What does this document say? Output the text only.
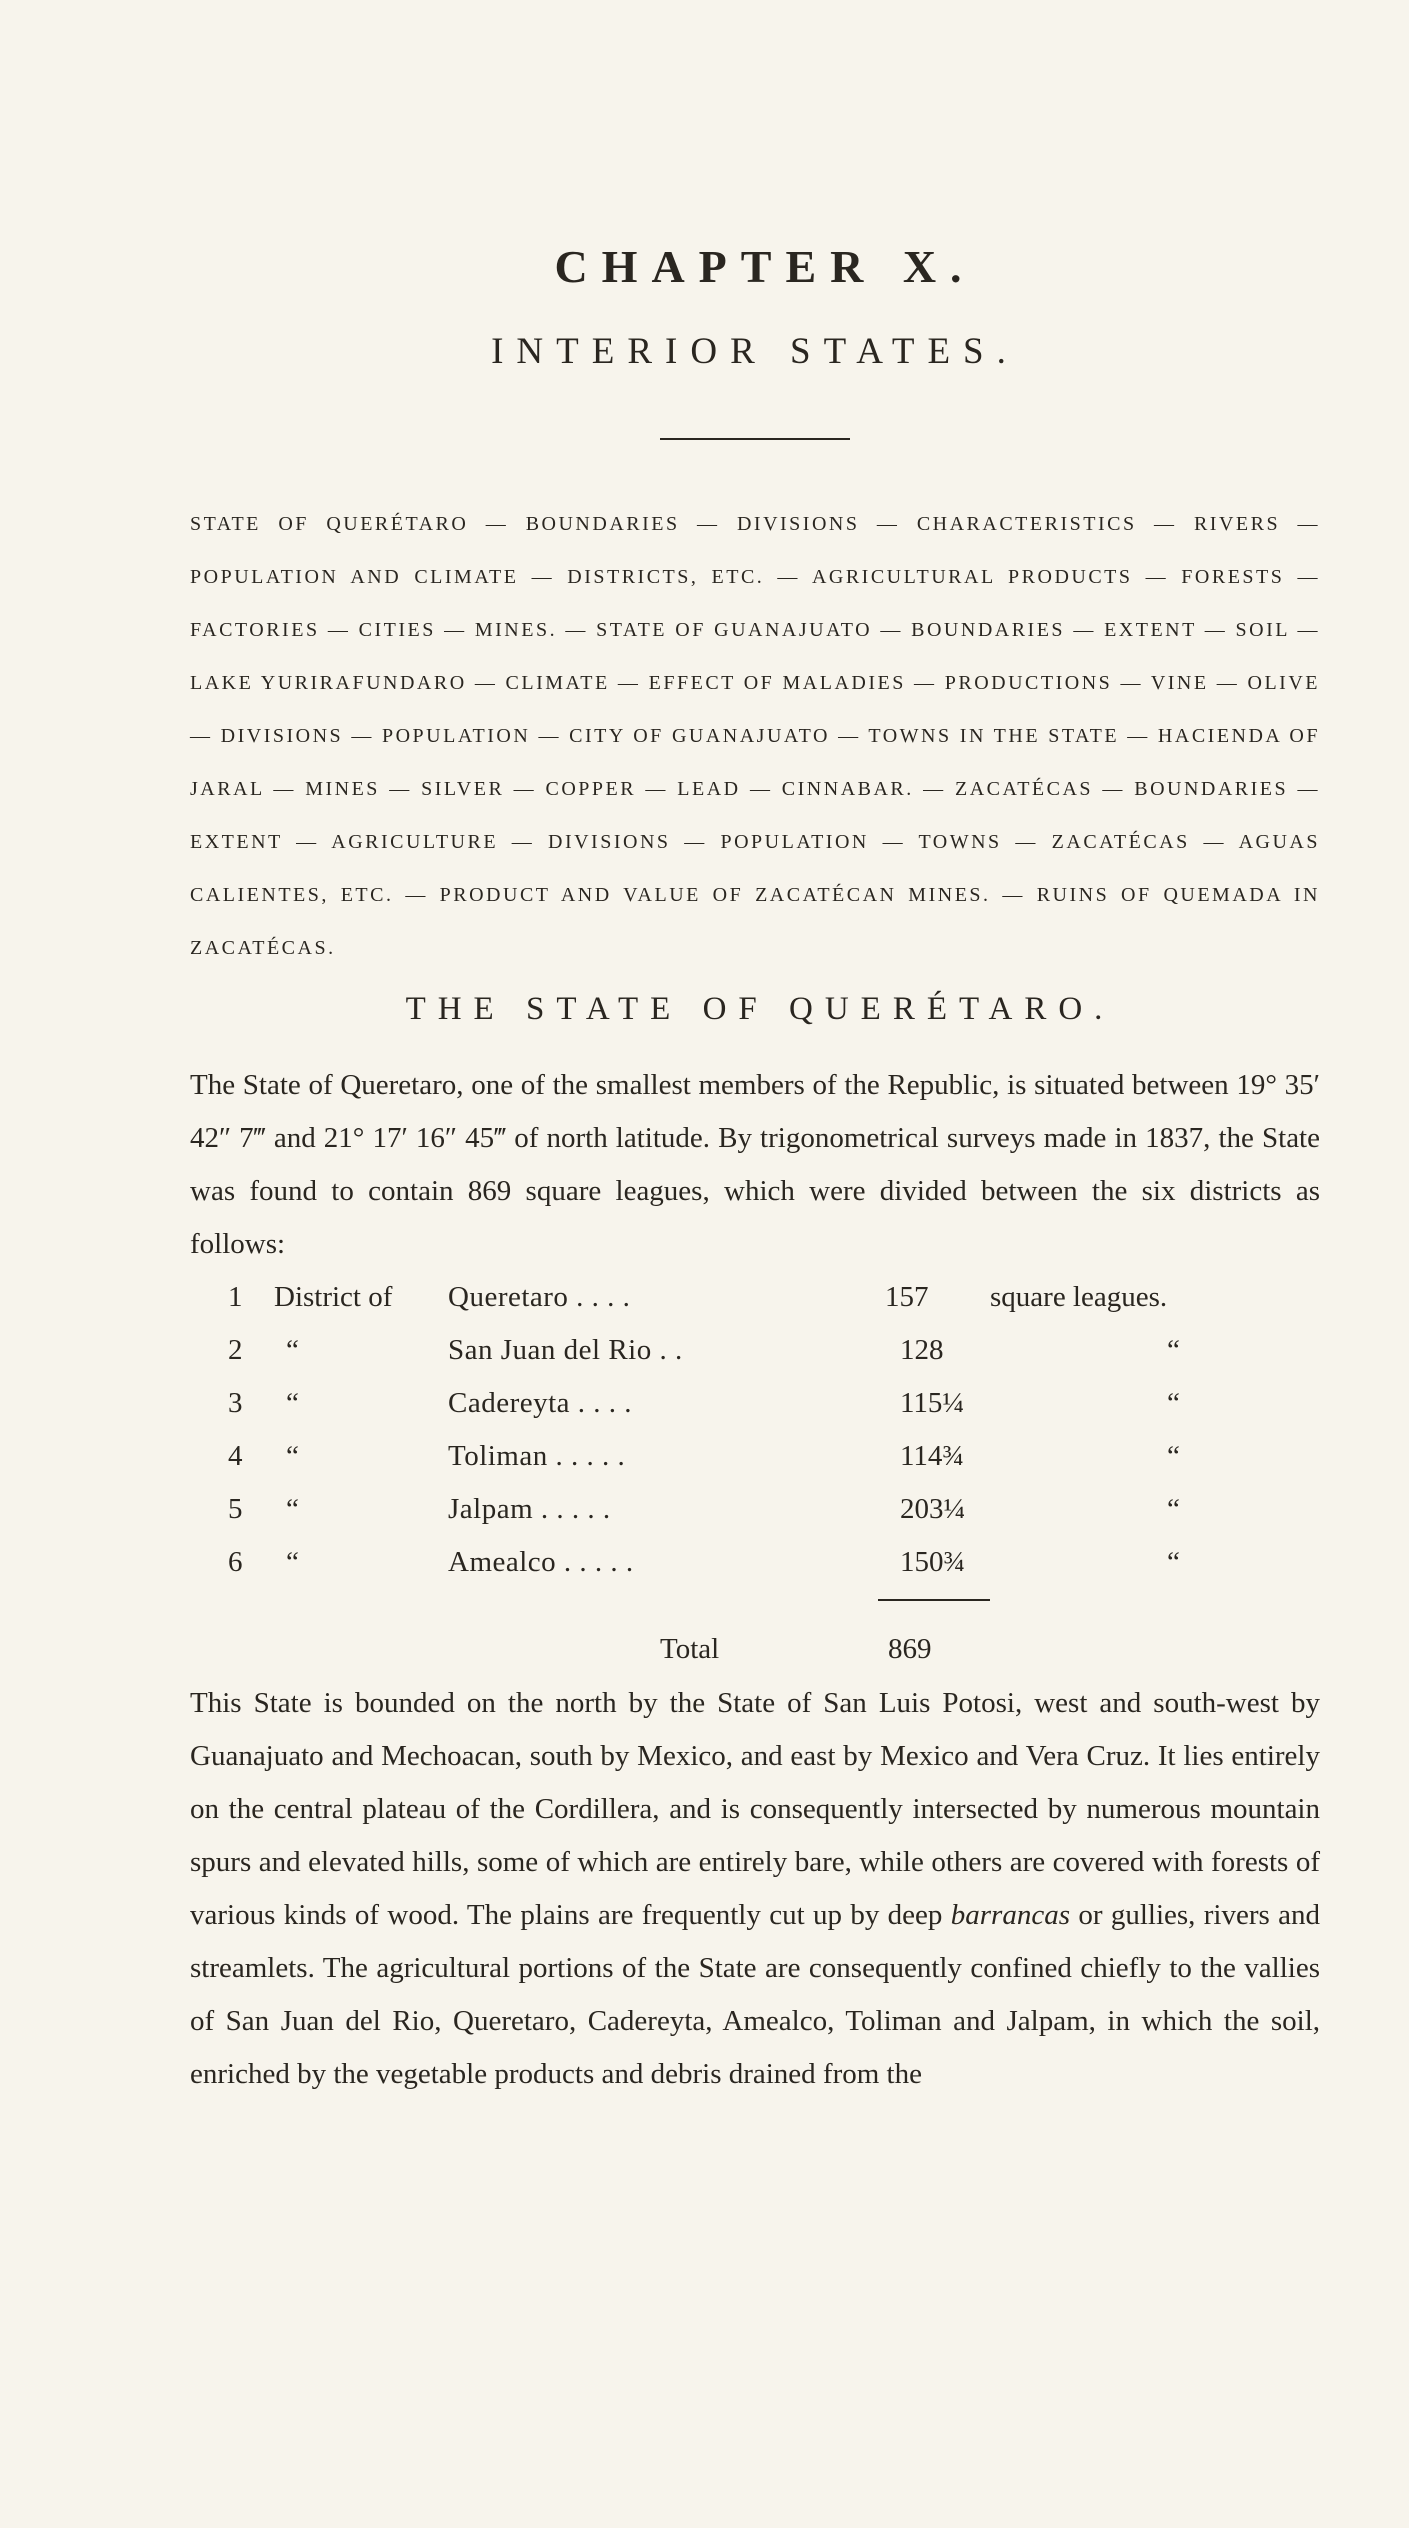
CHAPTER X.
INTERIOR STATES.
STATE OF QUERÉTARO — BOUNDARIES — DIVISIONS — CHARACTERISTICS — RIVERS — POPULATION AND CLIMATE — DISTRICTS, ETC. — AGRICULTURAL PRODUCTS — FORESTS — FACTORIES — CITIES — MINES. — STATE OF GUANAJUATO — BOUNDARIES — EXTENT — SOIL — LAKE YURIRAFUNDARO — CLIMATE — EFFECT OF MALADIES — PRODUCTIONS — VINE — OLIVE — DIVISIONS — POPULATION — CITY OF GUANAJUATO — TOWNS IN THE STATE — HACIENDA OF JARAL — MINES — SILVER — COPPER — LEAD — CINNABAR. — ZACATÉCAS — BOUNDARIES — EXTENT — AGRICULTURE — DIVISIONS — POPULATION — TOWNS — ZACATÉCAS — AGUAS CALIENTES, ETC. — PRODUCT AND VALUE OF ZACATÉCAN MINES. — RUINS OF QUEMADA IN ZACATÉCAS.
THE STATE OF QUERÉTARO.

The State of Queretaro, one of the smallest members of the Republic, is situated between 19° 35′ 42″ 7‴ and 21° 17′ 16″ 45‴ of north latitude. By trigonometrical surveys made in 1837, the State was found to contain 869 square leagues, which were divided between the six districts as follows:

1 District of Queretaro . . . .	157 square leagues.
2 “	San Juan del Rio . .	128	“
3 “	Cadereyta . . . .	115¼	“
4 “	Toliman . . . . .	114¾	“
5 “	Jalpam . . . . .	203¼	“
6 “	Amealco . . . . .	150¾	“
Total	869

This State is bounded on the north by the State of San Luis Potosi, west and south-west by Guanajuato and Mechoacan, south by Mexico, and east by Mexico and Vera Cruz. It lies entirely on the central plateau of the Cordillera, and is consequently intersected by numerous mountain spurs and elevated hills, some of which are entirely bare, while others are covered with forests of various kinds of wood. The plains are frequently cut up by deep barrancas or gullies, rivers and streamlets. The agricultural portions of the State are consequently confined chiefly to the vallies of San Juan del Rio, Queretaro, Cadereyta, Amealco, Toliman and Jalpam, in which the soil, enriched by the vegetable products and debris drained from the
